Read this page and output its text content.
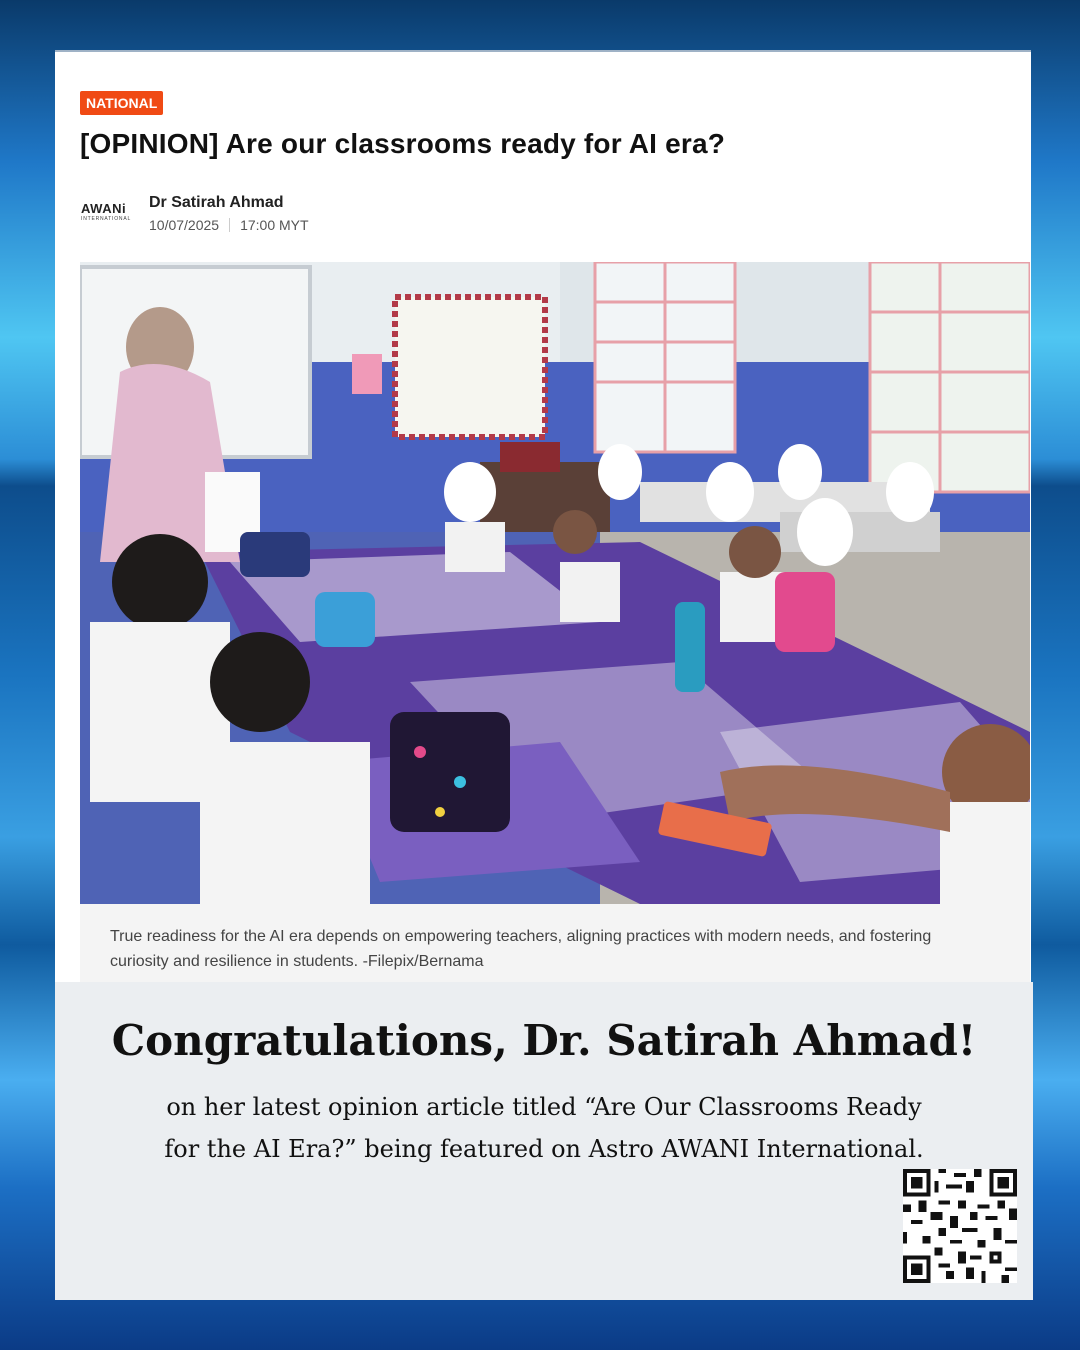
NATIONAL
[OPINION] Are our classrooms ready for AI era?
AWANi
INTERNATIONAL
Dr Satirah Ahmad
10/07/2025 17:00 MYT

True readiness for the AI era depends on empowering teachers, aligning practices with modern needs, and fostering curiosity and resilience in students. -Filepix/Bernama

Congratulations, Dr. Satirah Ahmad!
on her latest opinion article titled “Are Our Classrooms Ready
for the AI Era?” being featured on Astro AWANI International.
